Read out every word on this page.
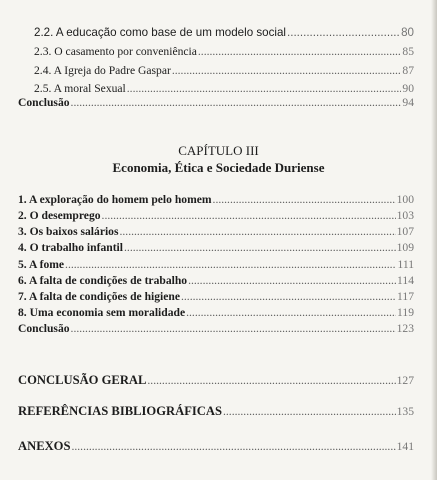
2.2. A educação como base de um modelo social .....	80
2.3. O casamento por conveniência .....	85
2.4. A Igreja do Padre Gaspar .....	87
2.5. A moral Sexual .....	90
Conclusão .....	94
CAPÍTULO III
Economia, Ética e Sociedade Duriense
1. A exploração do homem pelo homem .....	100
2. O desemprego .....	103
3. Os baixos salários .....	107
4. O trabalho infantil .....	109
5. A fome .....	111
6. A falta de condições de trabalho .....	114
7. A falta de condições de higiene .....	117
8. Uma economia sem moralidade .....	119
Conclusão .....	123
CONCLUSÃO GERAL .....	127
REFERÊNCIAS BIBLIOGRÁFICAS .....	135
ANEXOS .....	141
